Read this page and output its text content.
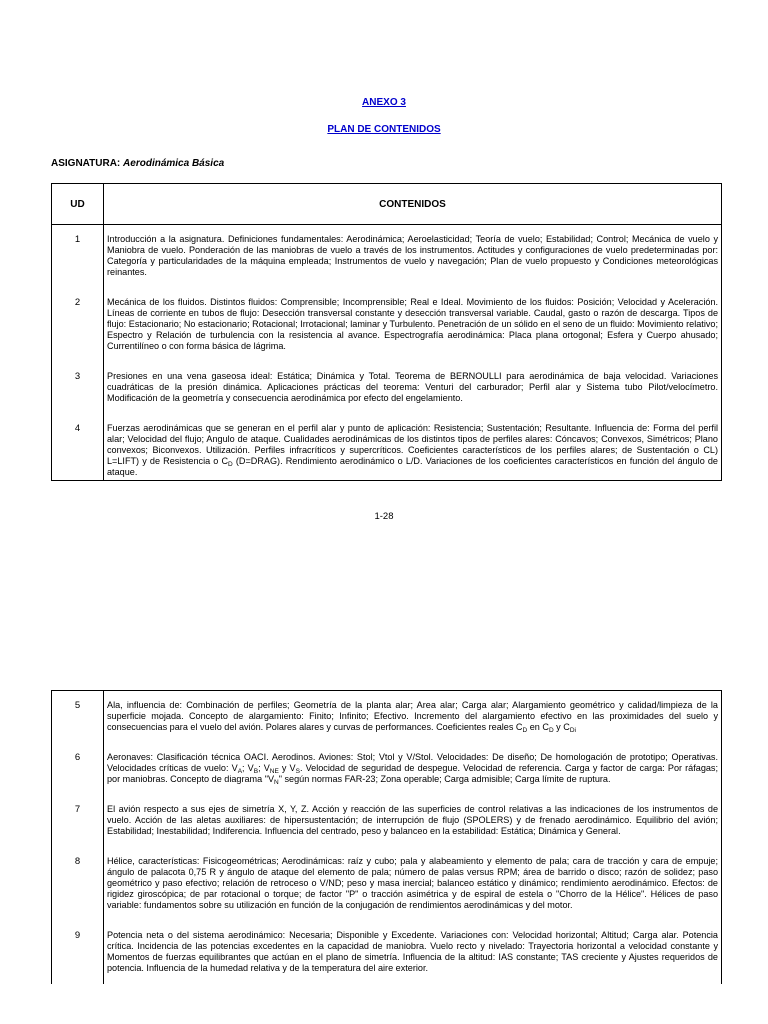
ANEXO 3
PLAN DE CONTENIDOS
ASIGNATURA: Aerodinámica Básica
UD	CONTENIDOS
1	Introducción a la asignatura. Definiciones fundamentales: Aerodinámica; Aeroelasticidad; Teoría de vuelo; Estabilidad; Control; Mecánica de vuelo y Maniobra de vuelo. Ponderación de las maniobras de vuelo a través de los instrumentos. Actitudes y configuraciones de vuelo predeterminadas por: Categoría y particularidades de la máquina empleada; Instrumentos de vuelo y navegación; Plan de vuelo propuesto y Condiciones meteorológicas reinantes.
2	Mecánica de los fluidos. Distintos fluidos: Comprensible; Incomprensible; Real e Ideal. Movimiento de los fluidos: Posición; Velocidad y Aceleración. Líneas de corriente en tubos de flujo: Desección transversal constante y desección transversal variable. Caudal, gasto o razón de descarga. Tipos de flujo: Estacionario; No estacionario; Rotacional; Irrotacional; laminar y Turbulento. Penetración de un sólido en el seno de un fluido: Movimiento relativo; Espectro y Relación de turbulencia con la resistencia al avance. Espectrografía aerodinámica: Placa plana ortogonal; Esfera y Cuerpo ahusado; Currentilíneo o con forma básica de lágrima.
3	Presiones en una vena gaseosa ideal: Estática; Dinámica y Total. Teorema de BERNOULLI para aerodinámica de baja velocidad. Variaciones cuadráticas de la presión dinámica. Aplicaciones prácticas del teorema: Venturi del carburador; Perfil alar y Sistema tubo Pilot/velocímetro. Modificación de la geometría y consecuencia aerodinámica por efecto del engelamiento.
4	Fuerzas aerodinámicas que se generan en el perfil alar y punto de aplicación: Resistencia; Sustentación; Resultante. Influencia de: Forma del perfil alar; Velocidad del flujo; Angulo de ataque. Cualidades aerodinámicas de los distintos tipos de perfiles alares: Cóncavos; Convexos, Simétricos; Plano convexos; Biconvexos. Utilización. Perfiles infracríticos y supercríticos. Coeficientes característicos de los perfiles alares; de Sustentación o CL) L=LIFT) y de Resistencia o $C_D$ (D=DRAG). Rendimiento aerodinámico o L/D. Variaciones de los coeficientes característicos en función del ángulo de ataque.
1-28
5	Ala, influencia de: Combinación de perfiles; Geometría de la planta alar; Area alar; Carga alar; Alargamiento geométrico y calidad/limpieza de la superficie mojada. Concepto de alargamiento: Finito; Infinito; Efectivo. Incremento del alargamiento efectivo en las proximidades del suelo y consecuencias para el vuelo del avión. Polares alares y curvas de performances. Coeficientes reales $C_D$ en $C_D$ y $C_{Di}$
6	Aeronaves: Clasificación técnica OACI. Aerodinos. Aviones: Stol; Vtol y V/Stol. Velocidades: De diseño; De homologación de prototipo; Operativas. Velocidades críticas de vuelo: $V_A$; $V_B$; $V_{NE}$ y $V_S$. Velocidad de seguridad de despegue. Velocidad de referencia. Carga y factor de carga: Por ráfagas; por maniobras. Concepto de diagrama "$V_N$" según normas FAR-23; Zona operable; Carga admisible; Carga límite de ruptura.
7	El avión respecto a sus ejes de simetría X, Y, Z. Acción y reacción de las superficies de control relativas a las indicaciones de los instrumentos de vuelo. Acción de las aletas auxiliares: de hipersustentación; de interrupción de flujo (SPOLERS) y de frenado aerodinámico. Equilibrio del avión; Estabilidad; Inestabilidad; Indiferencia. Influencia del centrado, peso y balanceo en la estabilidad: Estática; Dinámica y General.
8	Hélice, características: Fisicogeométricas; Aerodinámicas: raíz y cubo; pala y alabeamiento y elemento de pala; cara de tracción y cara de empuje; ángulo de palacota 0,75 R y ángulo de ataque del elemento de pala; número de palas versus RPM; área de barrido o disco; razón de solidez; paso geométrico y paso efectivo; relación de retroceso o V/ND; peso y masa inercial; balanceo estático y dinámico; rendimiento aerodinámico. Efectos: de rigidez giroscópica; de par rotacional o torque; de factor "P" o tracción asimétrica y de espiral de estela o "Chorro de la Hélice". Hélices de paso variable: fundamentos sobre su utilización en función de la conjugación de rendimientos aerodinámicas y del motor.
9	Potencia neta o del sistema aerodinámico: Necesaria; Disponible y Excedente. Variaciones con: Velocidad horizontal; Altitud; Carga alar. Potencia crítica. Incidencia de las potencias excedentes en la capacidad de maniobra. Vuelo recto y nivelado: Trayectoria horizontal a velocidad constante y Momentos de fuerzas equilibrantes que actúan en el plano de simetría. Influencia de la altitud: IAS constante; TAS creciente y Ajustes requeridos de potencia. Influencia de la humedad relativa y de la temperatura del aire exterior.
